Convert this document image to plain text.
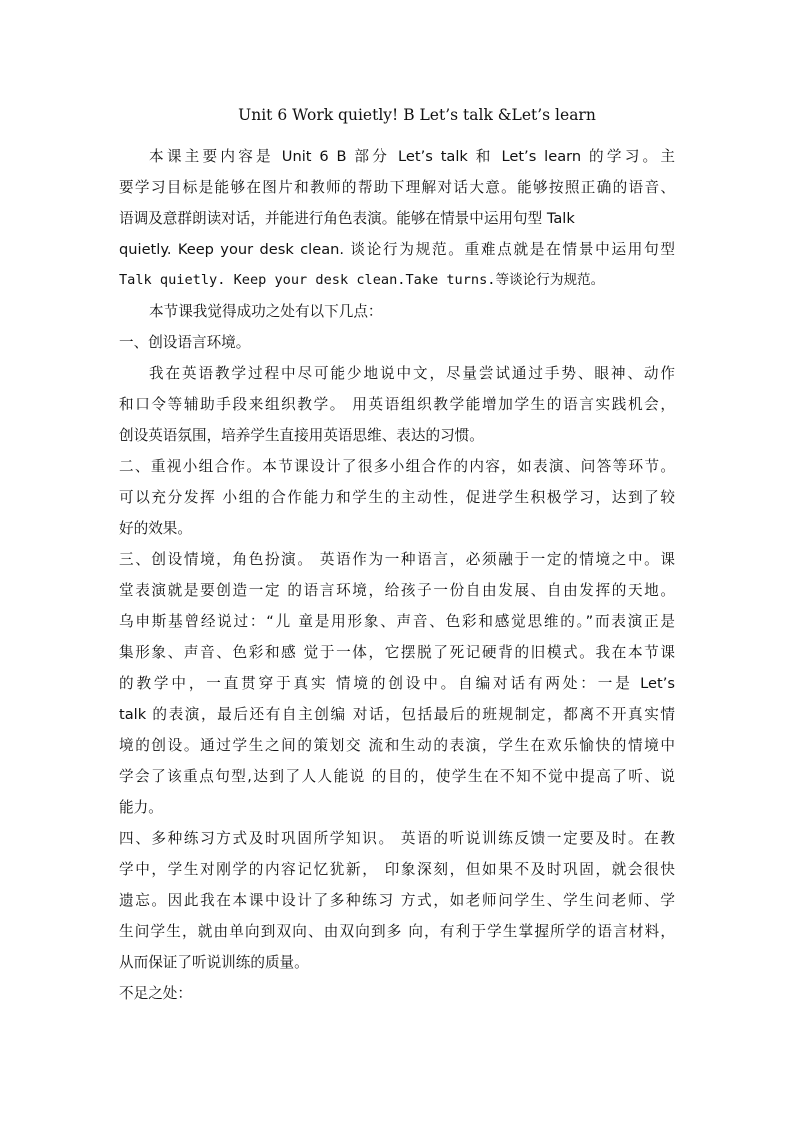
Unit 6 Work quietly! B Let’s talk &Let’s learn
本课主要内容是 Unit 6 B 部分 Let’s talk 和 Let’s learn 的学习。主
要学习目标是能够在图片和教师的帮助下理解对话大意。能够按照正确的语音、
语调及意群朗读对话，并能进行角色表演。能够在情景中运用句型 Talk
quietly. Keep your desk clean. 谈论行为规范。重难点就是在情景中运用句型
Talk quietly. Keep your desk clean.Take turns.等谈论行为规范。
本节课我觉得成功之处有以下几点：
一、创设语言环境。
我在英语教学过程中尽可能少地说中文，尽量尝试通过手势、眼神、动作
和口令等辅助手段来组织教学。 用英语组织教学能增加学生的语言实践机会，
创设英语氛围，培养学生直接用英语思维、表达的习惯。
二、重视小组合作。本节课设计了很多小组合作的内容，如表演、问答等环节。
可以充分发挥 小组的合作能力和学生的主动性，促进学生积极学习，达到了较
好的效果。
三、创设情境，角色扮演。 英语作为一种语言，必须融于一定的情境之中。课
堂表演就是要创造一定 的语言环境，给孩子一份自由发展、自由发挥的天地。
乌申斯基曾经说过：“儿 童是用形象、声音、色彩和感觉思维的。”而表演正是
集形象、声音、色彩和感 觉于一体，它摆脱了死记硬背的旧模式。我在本节课
的教学中，一直贯穿于真实 情境的创设中。自编对话有两处：一是 Let’s
talk 的表演，最后还有自主创编 对话，包括最后的班规制定，都离不开真实情
境的创设。通过学生之间的策划交 流和生动的表演，学生在欢乐愉快的情境中
学会了该重点句型,达到了人人能说 的目的，使学生在不知不觉中提高了听、说
能力。
四、多种练习方式及时巩固所学知识。 英语的听说训练反馈一定要及时。在教
学中，学生对刚学的内容记忆犹新， 印象深刻，但如果不及时巩固，就会很快
遗忘。因此我在本课中设计了多种练习 方式，如老师问学生、学生问老师、学
生问学生，就由单向到双向、由双向到多 向，有利于学生掌握所学的语言材料，
从而保证了听说训练的质量。
不足之处：
